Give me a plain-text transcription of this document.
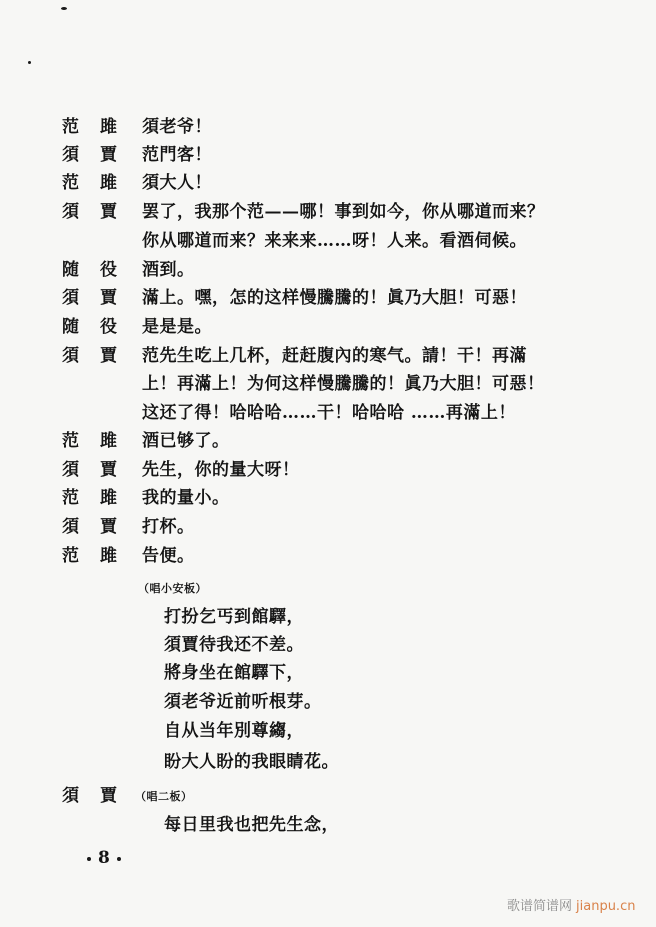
范 雎 須老爷！
須 賈 范門客！
范 雎 須大人！
須 賈 罢了，我那个范——哪！事到如今，你从哪道而来？
你从哪道而来？来来来……呀！人来。看酒伺候。
随 役 酒到。
須 賈 滿上。嘿，怎的这样慢騰騰的！眞乃大胆！可惡！
随 役 是是是。
須 賈 范先生吃上几杯，赶赶腹內的寒气。請！干！再滿
上！再滿上！为何这样慢騰騰的！眞乃大胆！可惡！
这还了得！哈哈哈……干！哈哈哈 ……再滿上！
范 雎 酒已够了。
須 賈 先生，你的量大呀！
范 雎 我的量小。
須 賈 打杯。
范 雎 告便。
（唱小安板）
打扮乞丐到館驛，
須賈待我还不差。
將身坐在館驛下，
須老爷近前听根芽。
自从当年別尊縐，
盼大人盼的我眼睛花。
須 賈 （唱二板）
每日里我也把先生念，
8
歌谱简谱网 jianpu.cn
